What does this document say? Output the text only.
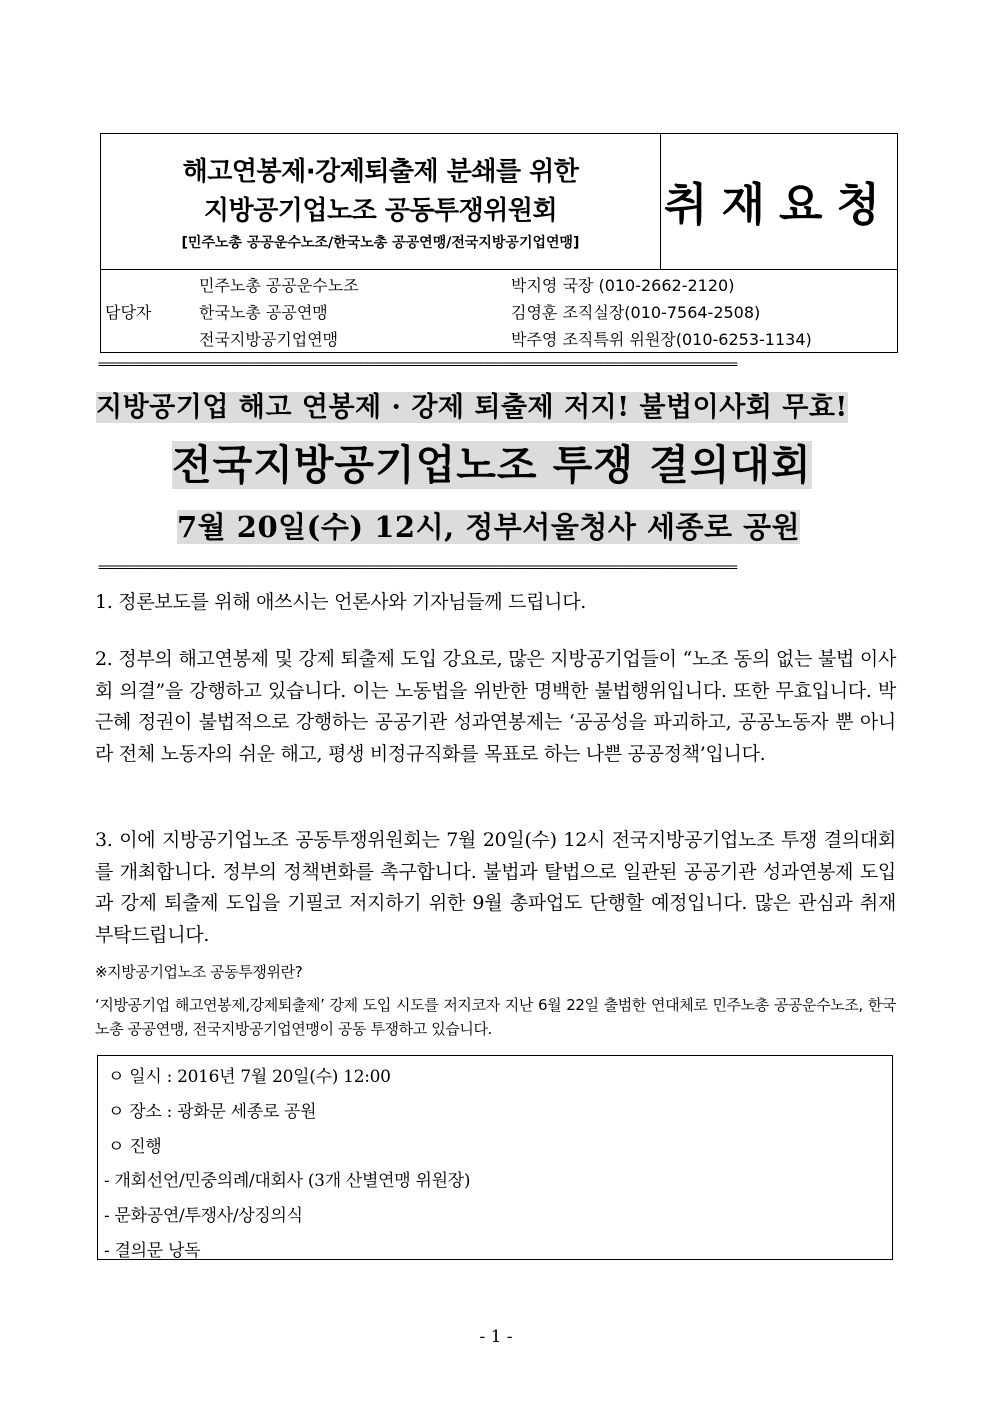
해고연봉제·강제퇴출제 분쇄를 위한
지방공기업노조 공동투쟁위원회
[민주노총 공공운수노조/한국노총 공공연맹/전국지방공기업연맹]
취재요청
담당자
민주노총 공공운수노조	박지영 국장 (010-2662-2120)
한국노총 공공연맹	김영훈 조직실장(010-7564-2508)
전국지방공기업연맹	박주영 조직특위 위원장(010-6253-1134)
==========================================================================================================
지방공기업 해고 연봉제 · 강제 퇴출제 저지! 불법이사회 무효!
전국지방공기업노조 투쟁 결의대회
7월 20일(수) 12시, 정부서울청사 세종로 공원
==========================================================================================================
1. 정론보도를 위해 애쓰시는 언론사와 기자님들께 드립니다.
2. 정부의 해고연봉제 및 강제 퇴출제 도입 강요로, 많은 지방공기업들이 “노조 동의 없는 불법 이사회 의결”을 강행하고 있습니다. 이는 노동법을 위반한 명백한 불법행위입니다. 또한 무효입니다. 박근혜 정권이 불법적으로 강행하는 공공기관 성과연봉제는 ‘공공성을 파괴하고, 공공노동자 뿐 아니라 전체 노동자의 쉬운 해고, 평생 비정규직화를 목표로 하는 나쁜 공공정책’입니다.
3. 이에 지방공기업노조 공동투쟁위원회는 7월 20일(수) 12시 전국지방공기업노조 투쟁 결의대회를 개최합니다. 정부의 정책변화를 촉구합니다. 불법과 탈법으로 일관된 공공기관 성과연봉제 도입과 강제 퇴출제 도입을 기필코 저지하기 위한 9월 총파업도 단행할 예정입니다. 많은 관심과 취재 부탁드립니다.
※지방공기업노조 공동투쟁위란?
‘지방공기업 해고연봉제,강제퇴출제’ 강제 도입 시도를 저지코자 지난 6월 22일 출범한 연대체로 민주노총 공공운수노조, 한국노총 공공연맹, 전국지방공기업연맹이 공동 투쟁하고 있습니다.
ㅇ 일시 : 2016년 7월 20일(수) 12:00
ㅇ 장소 : 광화문 세종로 공원
ㅇ 진행
- 개회선언/민중의례/대회사 (3개 산별연맹 위원장)
- 문화공연/투쟁사/상징의식
- 결의문 낭독
- 1 -
